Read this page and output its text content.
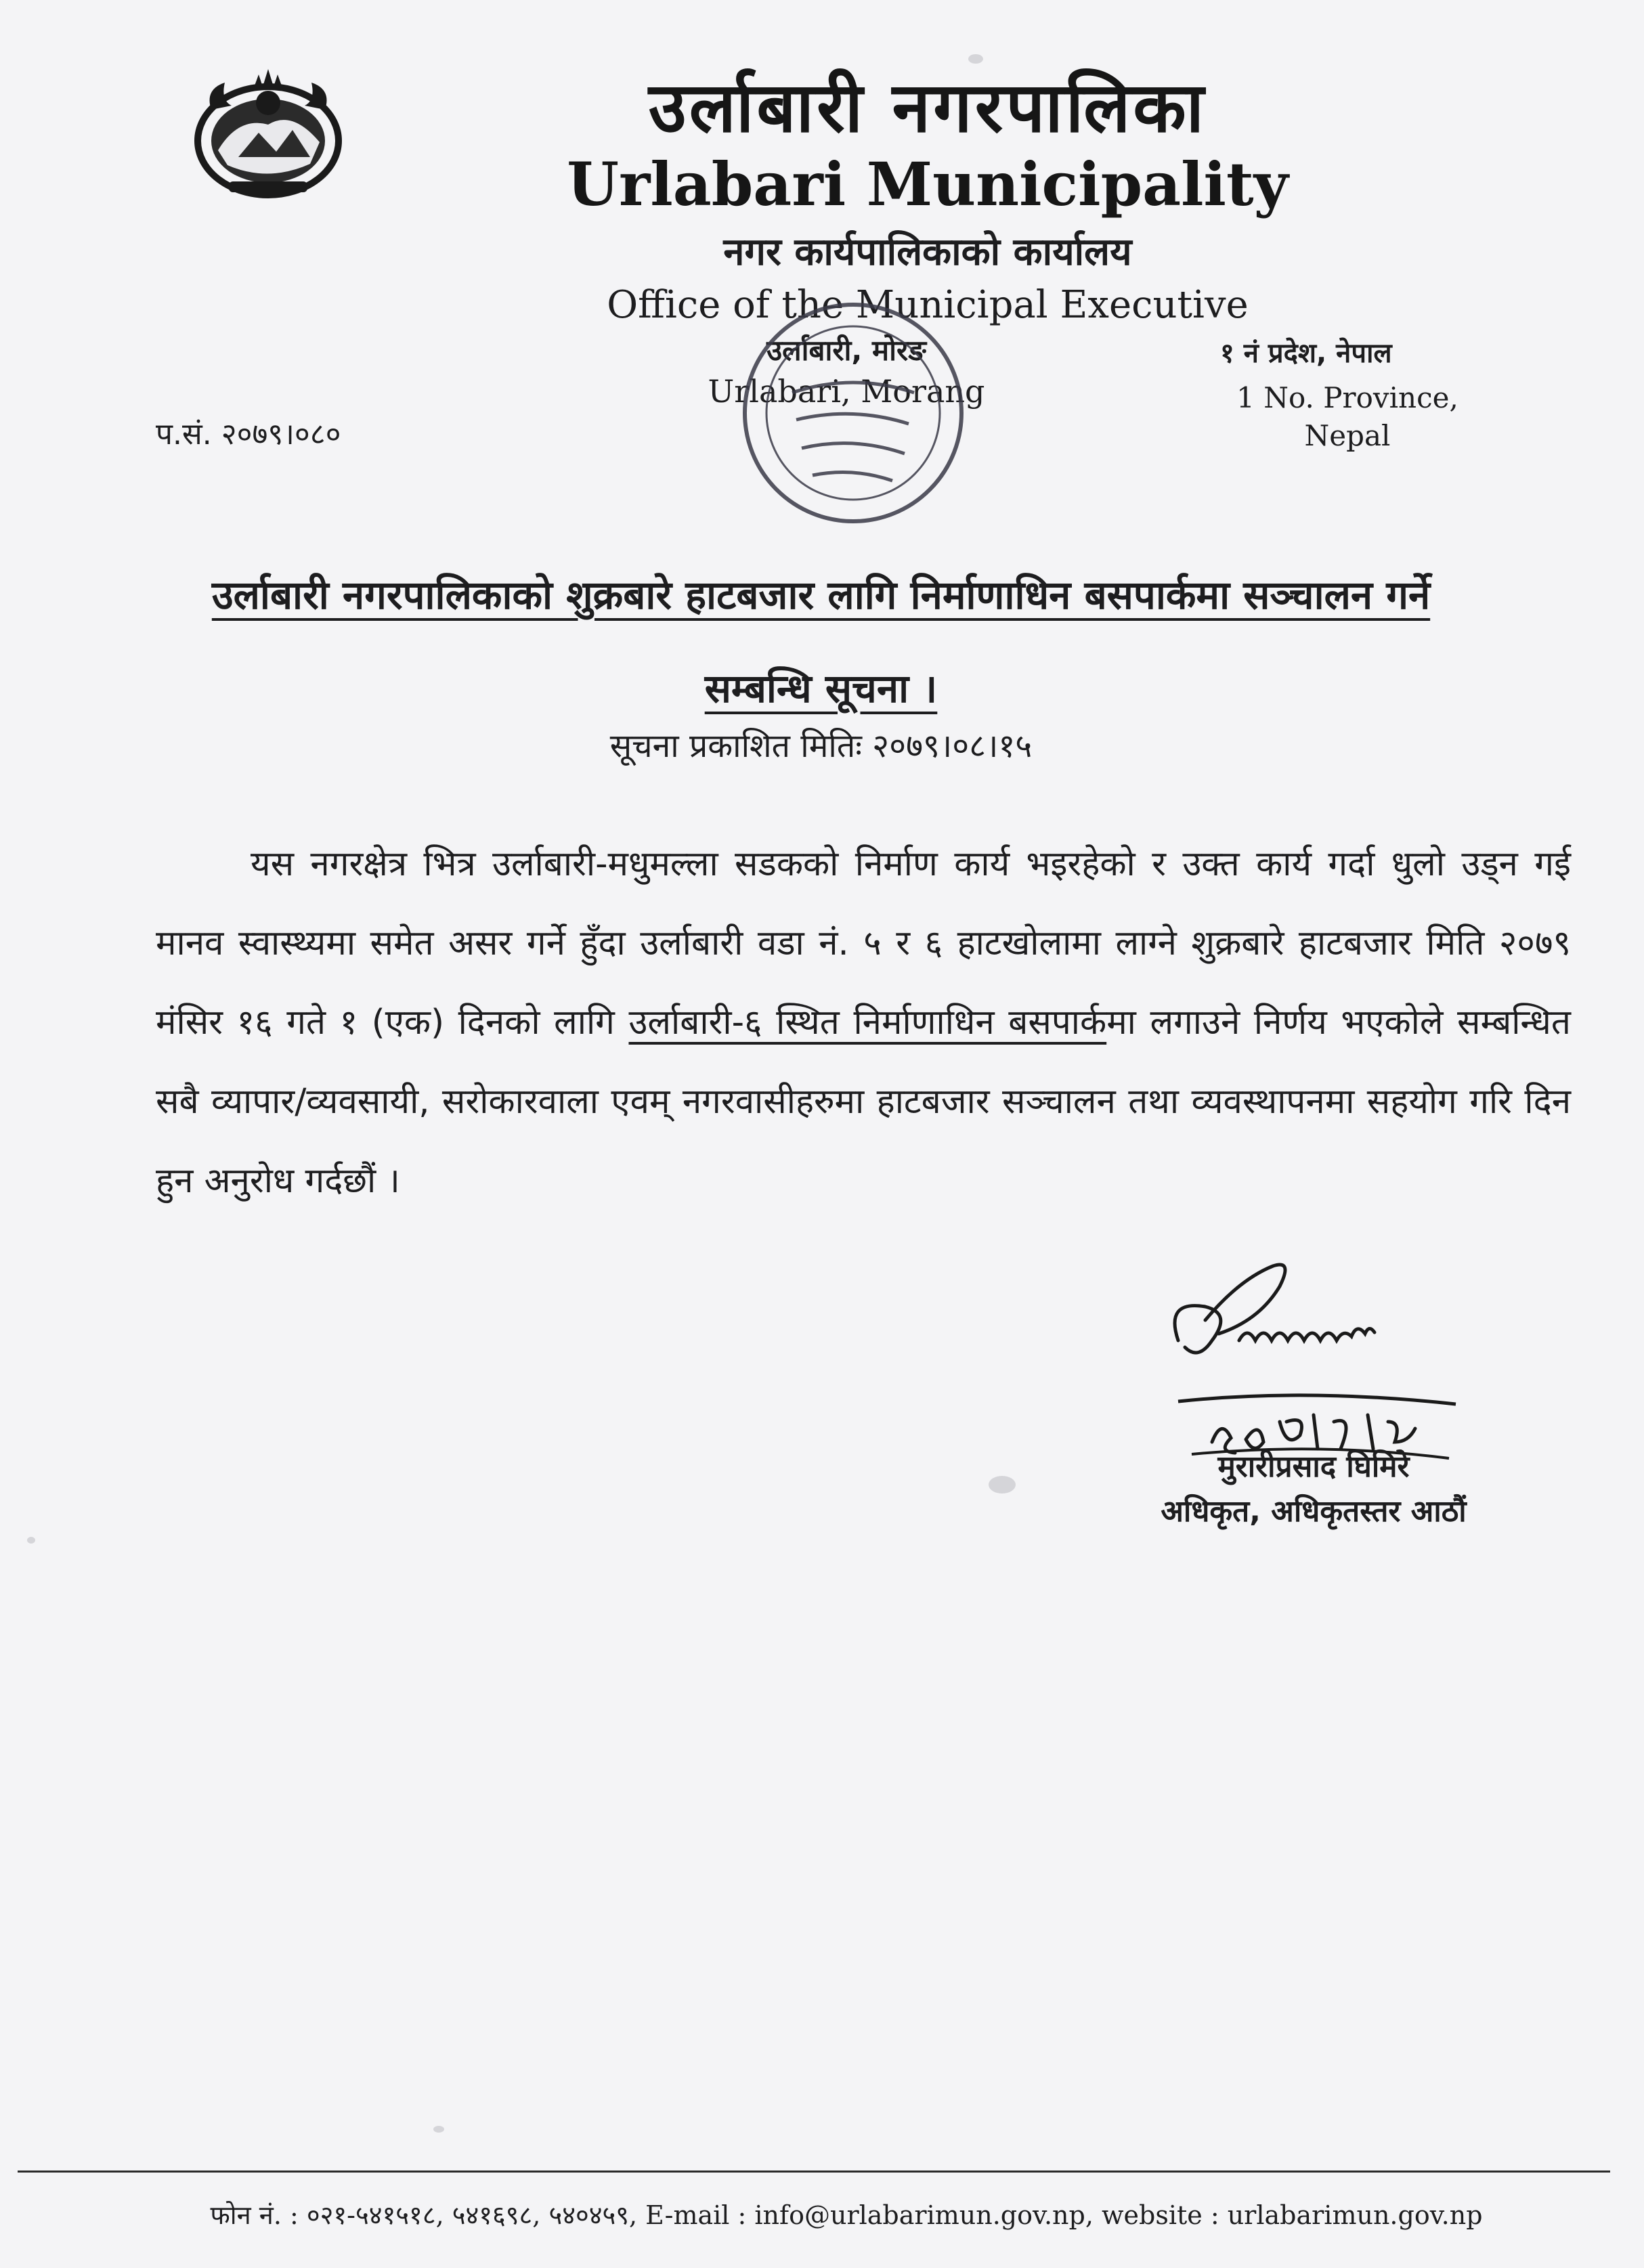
उर्लाबारी नगरपालिका
Urlabari Municipality
नगर कार्यपालिकाको कार्यालय
Office of the Municipal Executive
उर्लाबारी, मोरङ
Urlabari, Morang
१ नं प्रदेश, नेपाल
1 No. Province, Nepal
प.सं. २०७९।०८०
उर्लाबारी नगरपालिकाको शुक्रबारे हाटबजार लागि निर्माणाधिन बसपार्कमा सञ्चालन गर्ने सम्बन्धि सूचना ।
सूचना प्रकाशित मितिः २०७९।०८।१५
यस नगरक्षेत्र भित्र उर्लाबारी-मधुमल्ला सडकको निर्माण कार्य भइरहेको र उक्त कार्य गर्दा धुलो उड्न गई मानव स्वास्थ्यमा समेत असर गर्ने हुँदा उर्लाबारी वडा नं. ५ र ६ हाटखोलामा लाग्ने शुक्रबारे हाटबजार मिति २०७९ मंसिर १६ गते १ (एक) दिनको लागि उर्लाबारी-६ स्थित निर्माणाधिन बसपार्कमा लगाउने निर्णय भएकोले सम्बन्धित सबै व्यापार/व्यवसायी, सरोकारवाला एवम् नगरवासीहरुमा हाटबजार सञ्चालन तथा व्यवस्थापनमा सहयोग गरि दिन हुन अनुरोध गर्दछौं ।
मुरारीप्रसाद घिमिरे
अधिकृत, अधिकृतस्तर आठौं
फोन नं. : ०२१-५४१५१८, ५४१६९८, ५४०४५९, E-mail : info@urlabarimun.gov.np, website : urlabarimun.gov.np
